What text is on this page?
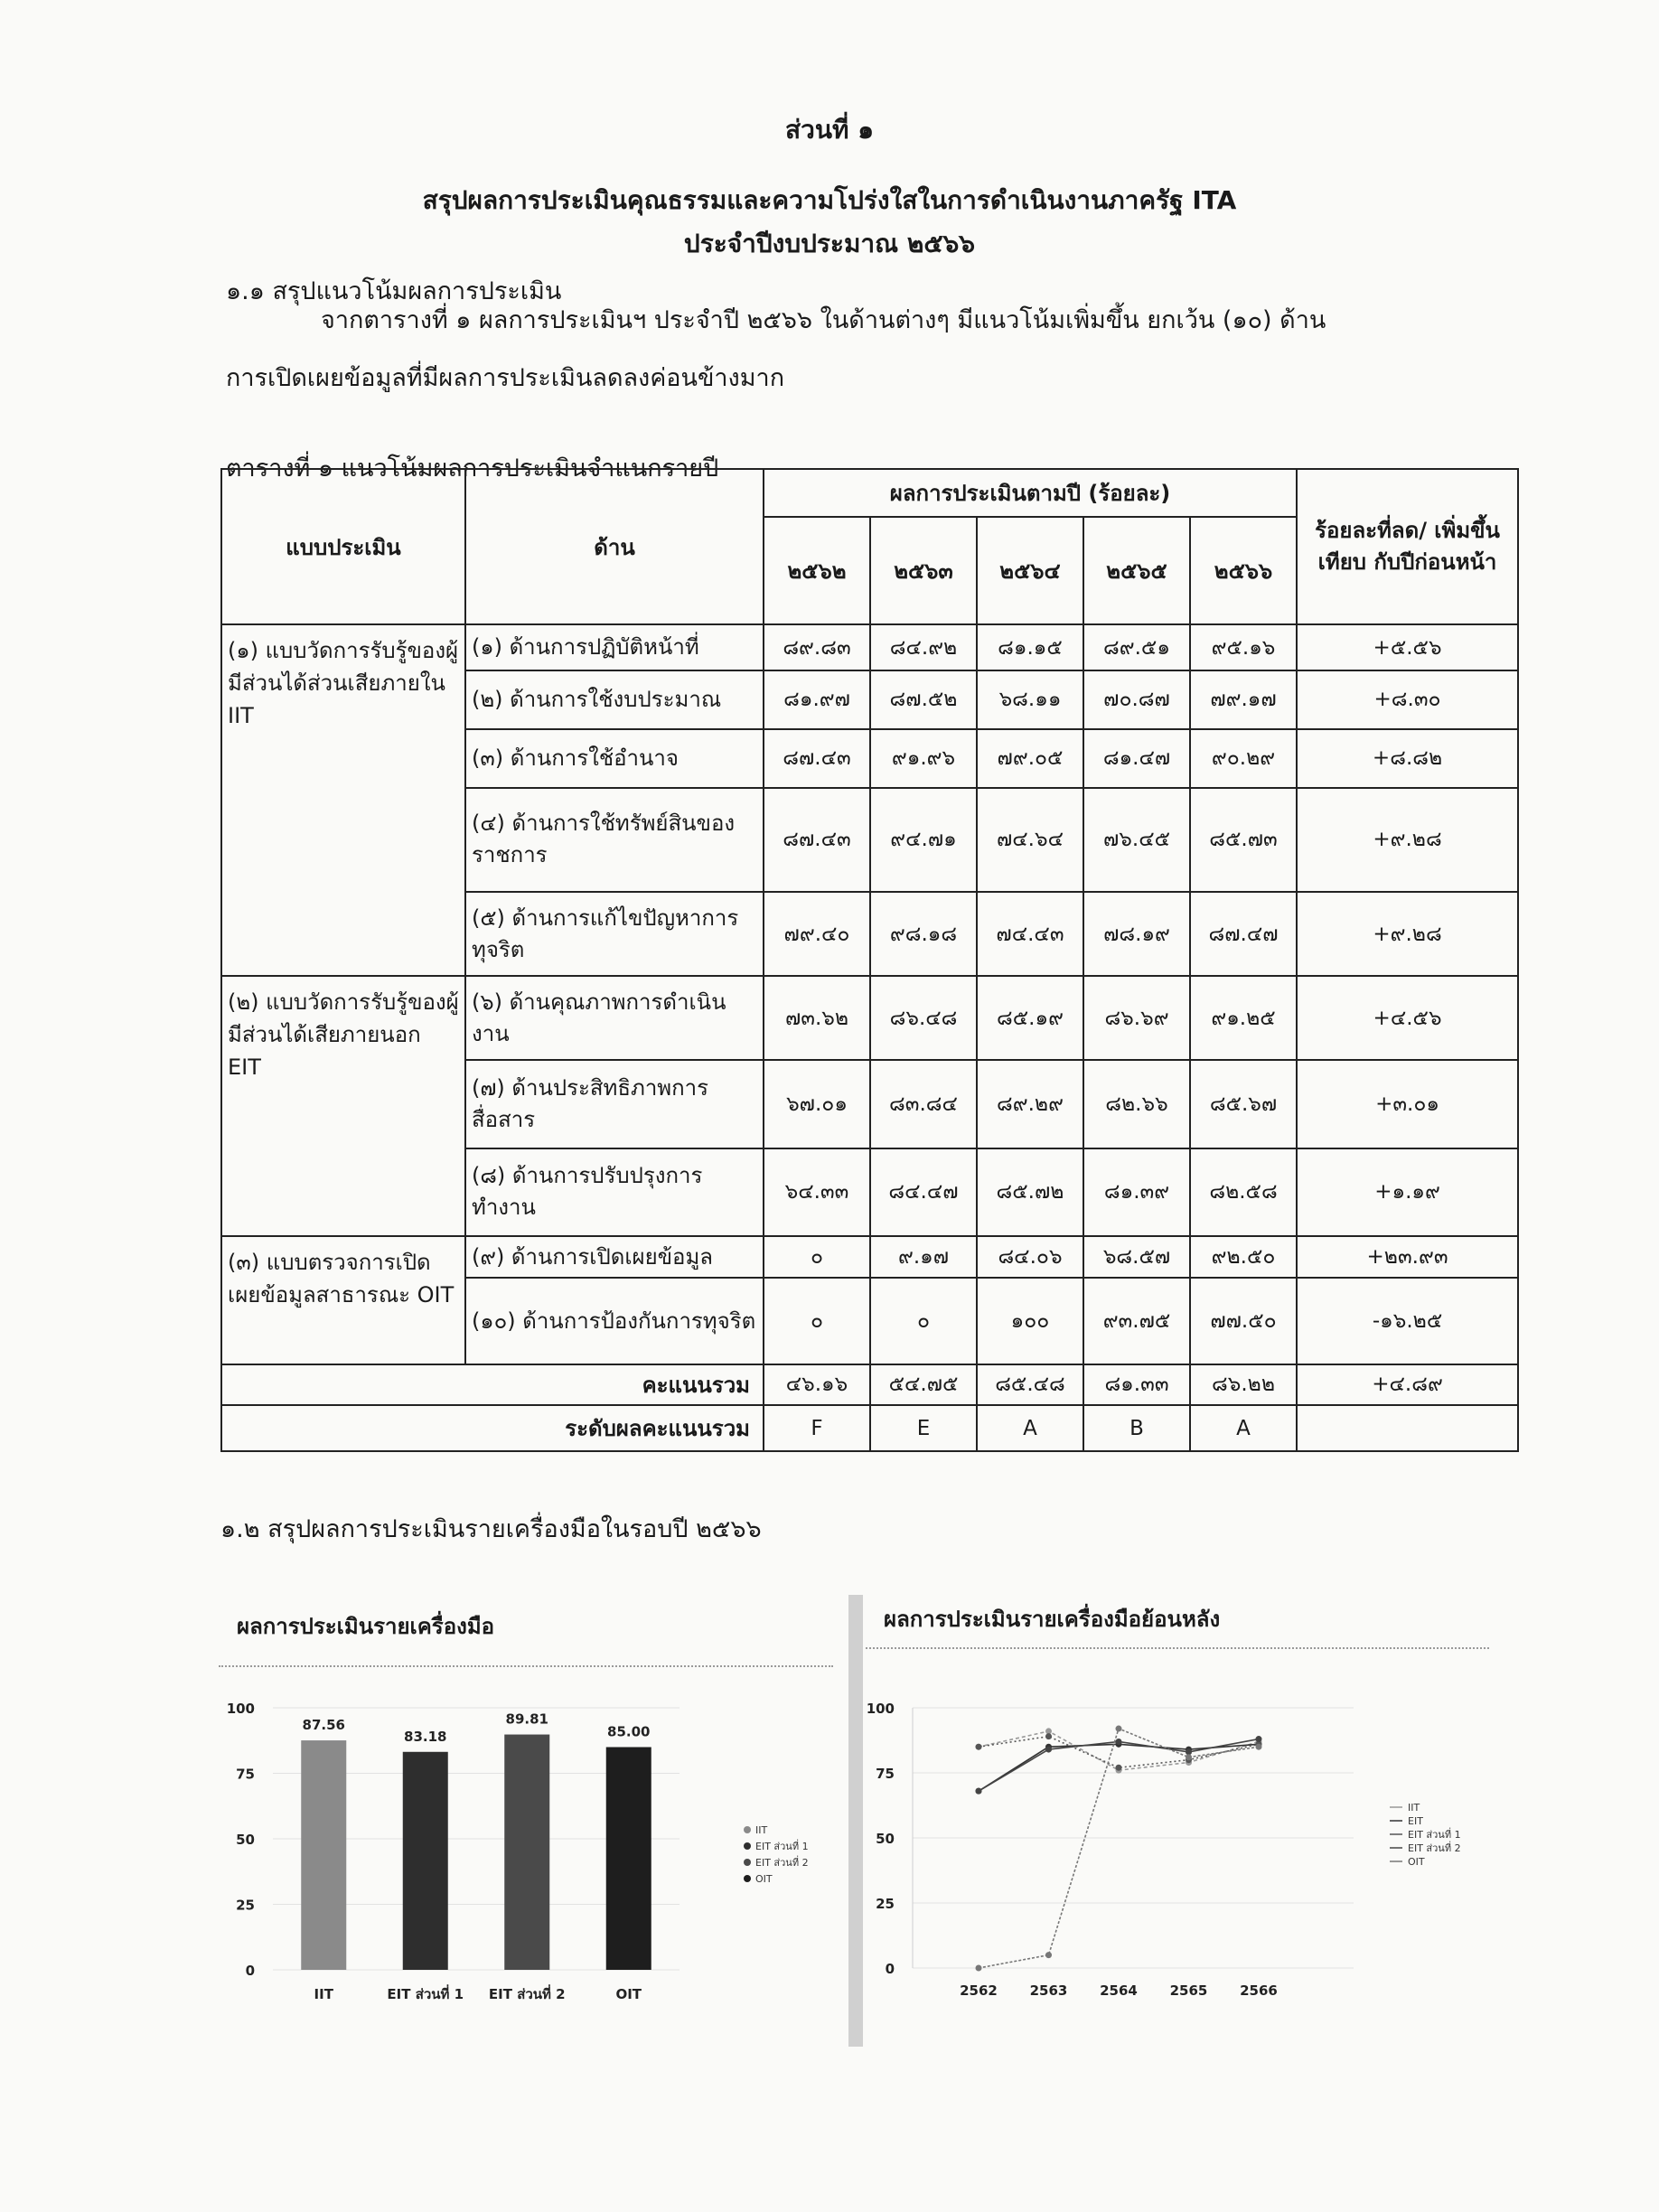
ส่วนที่ ๑
สรุปผลการประเมินคุณธรรมและความโปร่งใสในการดำเนินงานภาครัฐ ITA
ประจำปีงบประมาณ ๒๕๖๖
๑.๑ สรุปแนวโน้มผลการประเมิน
จากตารางที่ ๑ ผลการประเมินฯ ประจำปี ๒๕๖๖ ในด้านต่างๆ มีแนวโน้มเพิ่มขึ้น ยกเว้น (๑๐) ด้าน
การเปิดเผยข้อมูลที่มีผลการประเมินลดลงค่อนข้างมาก
ตารางที่ ๑ แนวโน้มผลการประเมินจำแนกรายปี
แบบประเมิน	ด้าน	ผลการประเมินตามปี (ร้อยละ)					ร้อยละที่ลด/ เพิ่มขึ้นเทียบ กับปีก่อนหน้า
		๒๕๖๒	๒๕๖๓	๒๕๖๔	๒๕๖๕	๒๕๖๖	
(๑) แบบวัดการรับรู้ของผู้มีส่วนได้ส่วนเสียภายใน IIT	(๑) ด้านการปฏิบัติหน้าที่	๘๙.๘๓	๘๔.๙๒	๘๑.๑๕	๘๙.๕๑	๙๕.๑๖	+๕.๕๖
	(๒) ด้านการใช้งบประมาณ	๘๑.๙๗	๘๗.๕๒	๖๘.๑๑	๗๐.๘๗	๗๙.๑๗	+๘.๓๐
	(๓) ด้านการใช้อำนาจ	๘๗.๔๓	๙๑.๙๖	๗๙.๐๕	๘๑.๔๗	๙๐.๒๙	+๘.๘๒
	(๔) ด้านการใช้ทรัพย์สินของราชการ	๘๗.๔๓	๙๔.๗๑	๗๔.๖๔	๗๖.๔๕	๘๕.๗๓	+๙.๒๘
	(๕) ด้านการแก้ไขปัญหาการทุจริต	๗๙.๔๐	๙๘.๑๘	๗๔.๔๓	๗๘.๑๙	๘๗.๔๗	+๙.๒๘
(๒) แบบวัดการรับรู้ของผู้มีส่วนได้เสียภายนอก EIT	(๖) ด้านคุณภาพการดำเนินงาน	๗๓.๖๒	๘๖.๔๘	๘๕.๑๙	๘๖.๖๙	๙๑.๒๕	+๔.๕๖
	(๗) ด้านประสิทธิภาพการสื่อสาร	๖๗.๐๑	๘๓.๘๔	๘๙.๒๙	๘๒.๖๖	๘๕.๖๗	+๓.๐๑
	(๘) ด้านการปรับปรุงการทำงาน	๖๔.๓๓	๘๔.๔๗	๘๕.๗๒	๘๑.๓๙	๘๒.๕๘	+๑.๑๙
(๓) แบบตรวจการเปิดเผยข้อมูลสาธารณะ OIT	(๙) ด้านการเปิดเผยข้อมูล	๐	๙.๑๗	๘๔.๐๖	๖๘.๕๗	๙๒.๕๐	+๒๓.๙๓
	(๑๐) ด้านการป้องกันการทุจริต	๐	๐	๑๐๐	๙๓.๗๕	๗๗.๕๐	-๑๖.๒๕
คะแนนรวม		๔๖.๑๖	๕๔.๗๕	๘๕.๔๘	๘๑.๓๓	๘๖.๒๒	+๔.๘๙
ระดับผลคะแนนรวม		F	E	A	B	A	
๑.๒ สรุปผลการประเมินรายเครื่องมือในรอบปี ๒๕๖๖
ผลการประเมินรายเครื่องมือ
100
75
50
25
0
87.56
IIT
83.18
EIT ส่วนที่ 1
89.81
EIT ส่วนที่ 2
85.00
OIT
IIT
EIT ส่วนที่ 1
EIT ส่วนที่ 2
OIT
ผลการประเมินรายเครื่องมือย้อนหลัง
100
75
50
25
0
2562 2563 2564 2565 2566
IIT
EIT
EIT ส่วนที่ 1
EIT ส่วนที่ 2
OIT
